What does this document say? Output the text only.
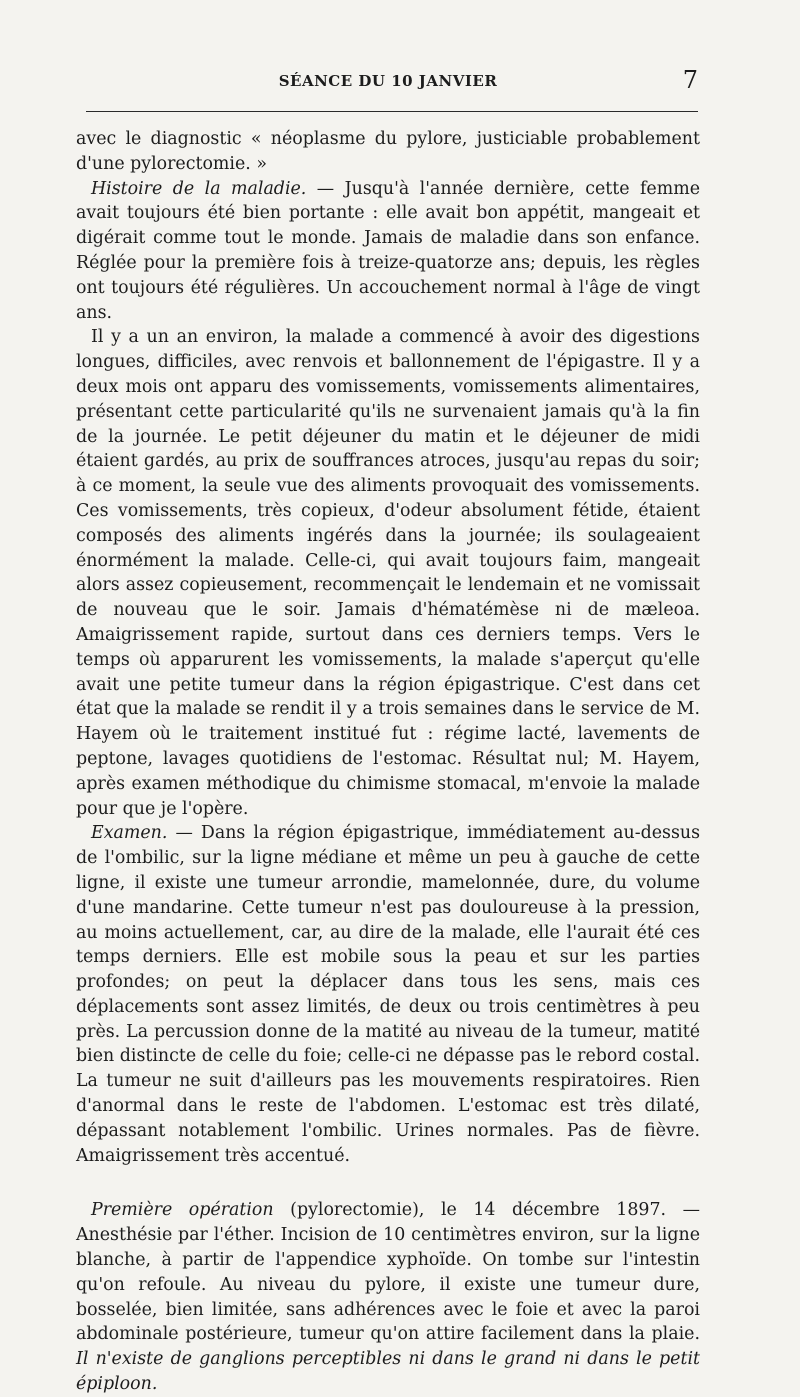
SÉANCE DU 10 JANVIER	7

avec le diagnostic « néoplasme du pylore, justiciable probablement d'une pylorectomie. »

Histoire de la maladie. — Jusqu'à l'année dernière, cette femme avait toujours été bien portante : elle avait bon appétit, mangeait et digérait comme tout le monde. Jamais de maladie dans son enfance. Réglée pour la première fois à treize-quatorze ans; depuis, les règles ont toujours été régulières. Un accouchement normal à l'âge de vingt ans.

Il y a un an environ, la malade a commencé à avoir des digestions longues, difficiles, avec renvois et ballonnement de l'épigastre. Il y a deux mois ont apparu des vomissements, vomissements alimentaires, présentant cette particularité qu'ils ne survenaient jamais qu'à la fin de la journée. Le petit déjeuner du matin et le déjeuner de midi étaient gardés, au prix de souffrances atroces, jusqu'au repas du soir; à ce moment, la seule vue des aliments provoquait des vomissements. Ces vomissements, très copieux, d'odeur absolument fétide, étaient composés des aliments ingérés dans la journée; ils soulageaient énormément la malade. Celle-ci, qui avait toujours faim, mangeait alors assez copieusement, recommençait le lendemain et ne vomissait de nouveau que le soir. Jamais d'hématémèse ni de mæleoa. Amaigrissement rapide, surtout dans ces derniers temps. Vers le temps où apparurent les vomissements, la malade s'aperçut qu'elle avait une petite tumeur dans la région épigastrique. C'est dans cet état que la malade se rendit il y a trois semaines dans le service de M. Hayem où le traitement institué fut : régime lacté, lavements de peptone, lavages quotidiens de l'estomac. Résultat nul; M. Hayem, après examen méthodique du chimisme stomacal, m'envoie la malade pour que je l'opère.

Examen. — Dans la région épigastrique, immédiatement au-dessus de l'ombilic, sur la ligne médiane et même un peu à gauche de cette ligne, il existe une tumeur arrondie, mamelonnée, dure, du volume d'une mandarine. Cette tumeur n'est pas douloureuse à la pression, au moins actuellement, car, au dire de la malade, elle l'aurait été ces temps derniers. Elle est mobile sous la peau et sur les parties profondes; on peut la déplacer dans tous les sens, mais ces déplacements sont assez limités, de deux ou trois centimètres à peu près. La percussion donne de la matité au niveau de la tumeur, matité bien distincte de celle du foie; celle-ci ne dépasse pas le rebord costal. La tumeur ne suit d'ailleurs pas les mouvements respiratoires. Rien d'anormal dans le reste de l'abdomen. L'estomac est très dilaté, dépassant notablement l'ombilic. Urines normales. Pas de fièvre. Amaigrissement très accentué.

Première opération (pylorectomie), le 14 décembre 1897. — Anesthésie par l'éther. Incision de 10 centimètres environ, sur la ligne blanche, à partir de l'appendice xyphoïde. On tombe sur l'intestin qu'on refoule. Au niveau du pylore, il existe une tumeur dure, bosselée, bien limitée, sans adhérences avec le foie et avec la paroi abdominale postérieure, tumeur qu'on attire facilement dans la plaie. Il n'existe de ganglions perceptibles ni dans le grand ni dans le petit épiploon.
